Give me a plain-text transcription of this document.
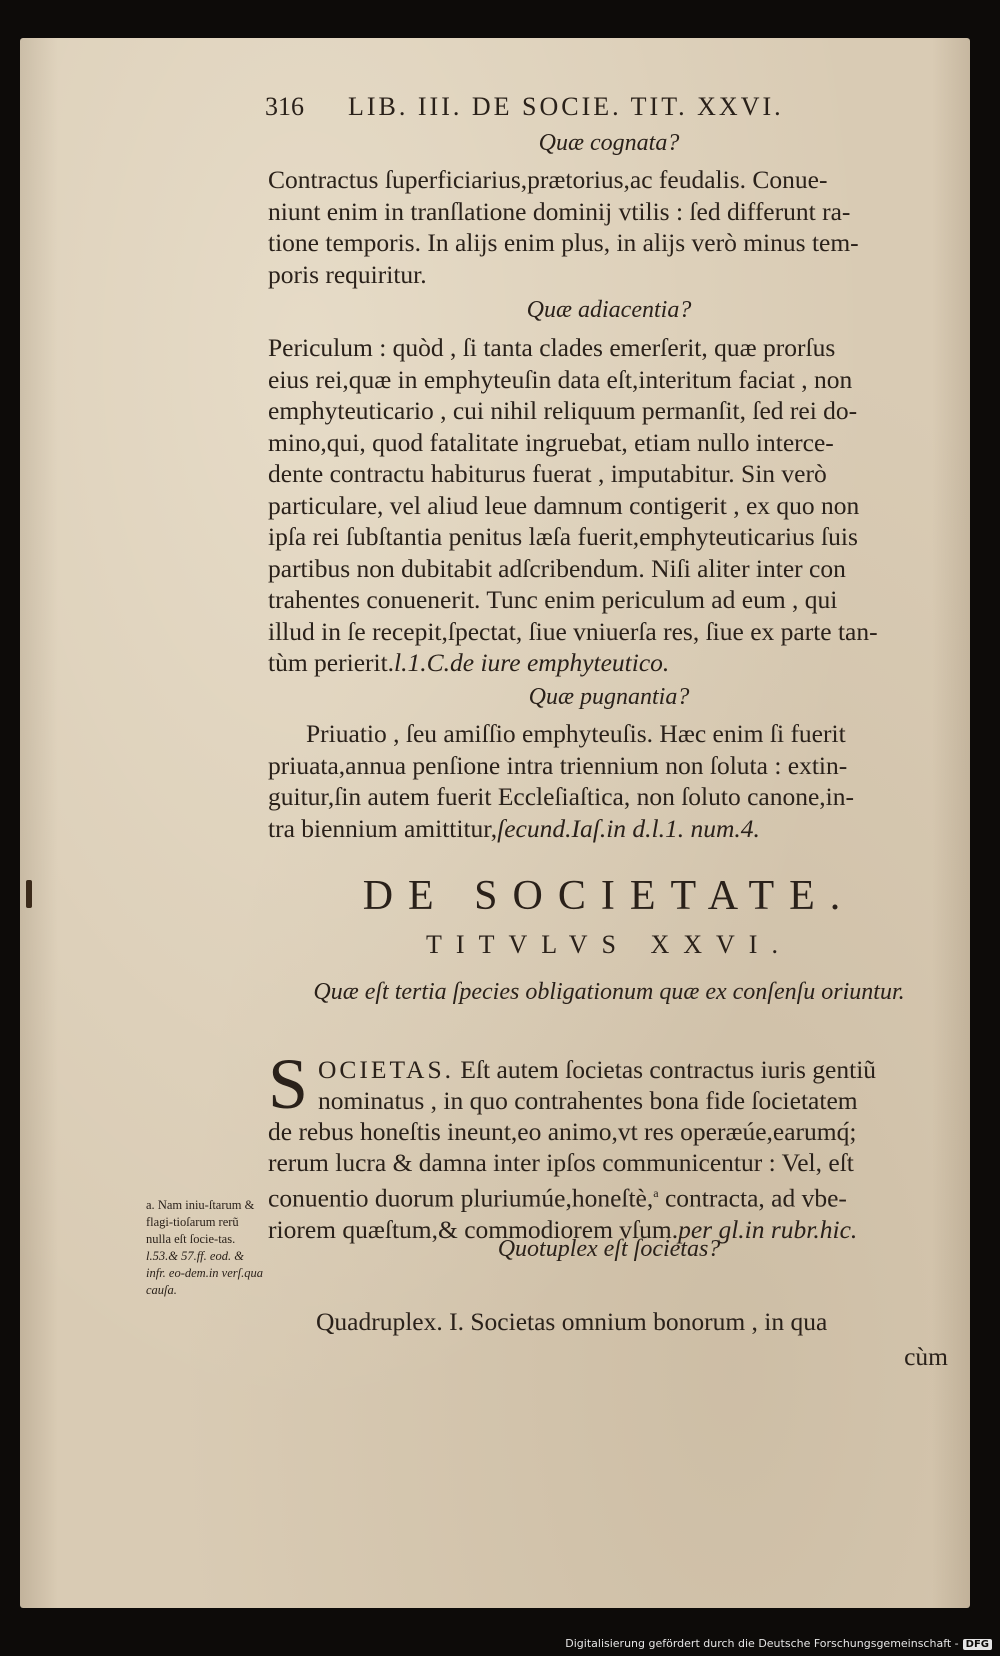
316 LIB. III. DE SOCIE. TIT. XXVI.
Quæ cognata?
Contractus ſuperficiarius,prætorius,ac feudalis. Conue-
niunt enim in tranſlatione dominij vtilis : ſed differunt ra-
tione temporis. In alijs enim plus, in alijs verò minus tem-
poris requiritur.
Quæ adiacentia?
Periculum : quòd , ſi tanta clades emerſerit, quæ prorſus
eius rei,quæ in emphyteuſin data eſt,interitum faciat , non
emphyteuticario , cui nihil reliquum permanſit, ſed rei do-
mino,qui, quod fatalitate ingruebat, etiam nullo interce-
dente contractu habiturus fuerat , imputabitur. Sin verò
particulare, vel aliud leue damnum contigerit , ex quo non
ipſa rei ſubſtantia penitus læſa fuerit,emphyteuticarius ſuis
partibus non dubitabit adſcribendum. Niſi aliter inter con
trahentes conuenerit. Tunc enim periculum ad eum , qui
illud in ſe recepit,ſpectat, ſiue vniuerſa res, ſiue ex parte tan-
tùm perierit.l.1.C.de iure emphyteutico.
Quæ pugnantia?
Priuatio , ſeu amiſſio emphyteuſis. Hæc enim ſi fuerit
priuata,annua penſione intra triennium non ſoluta : extin-
guitur,ſin autem fuerit Eccleſiaſtica, non ſoluto canone,in-
tra biennium amittitur,ſecund.Iaſ.in d.l.1. num.4.
DE SOCIETATE.
TITVLVS XXVI.
Quæ eſt tertia ſpecies obligationum quæ ex conſenſu oriuntur.
S OCIETAS. Eſt autem ſocietas contractus iuris gentiũ
nominatus , in quo contrahentes bona fide ſocietatem
de rebus honeſtis ineunt,eo animo,vt res operæúe,earumq́;
rerum lucra & damna inter ipſos communicentur : Vel, eſt
conuentio duorum pluriumúe,honeſtè,$^a$ contracta, ad vbe-
riorem quæſtum,& commodiorem vſum.per gl.in rubr.hic.
a. Nam iniu-ſtarum & flagi-tioſarum rerũ nulla eſt ſocie-tas. l.53.& 57.ff. eod. & infr. eo-dem.in verſ.qua cauſa.
Quotuplex eſt ſocietas?
Quadruplex. I. Societas omnium bonorum , in qua
cùm
Digitalisierung gefördert durch die Deutsche Forschungsgemeinschaft - DFG
